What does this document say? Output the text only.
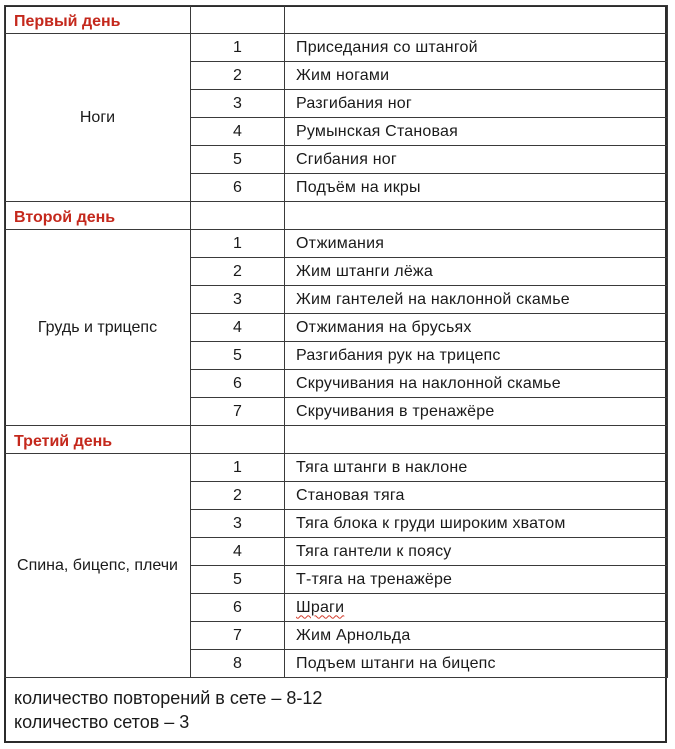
Первый день		
Ноги	1	Приседания со штангой
	2	Жим ногами
	3	Разгибания ног
	4	Румынская Становая
	5	Сгибания ног
	6	Подъём на икры
Второй день		
Грудь и трицепс	1	Отжимания
	2	Жим штанги лёжа
	3	Жим гантелей на наклонной скамье
	4	Отжимания на брусьях
	5	Разгибания рук на трицепс
	6	Скручивания на наклонной скамье
	7	Скручивания в тренажёре
Третий день		
Спина, бицепс, плечи	1	Тяга штанги в наклоне
	2	Становая тяга
	3	Тяга блока к груди широким хватом
	4	Тяга гантели к поясу
	5	Т-тяга на тренажёре
	6	Шраги
	7	Жим Арнольда
	8	Подъем штанги на бицепс
количество повторений в сете – 8-12
количество сетов – 3
